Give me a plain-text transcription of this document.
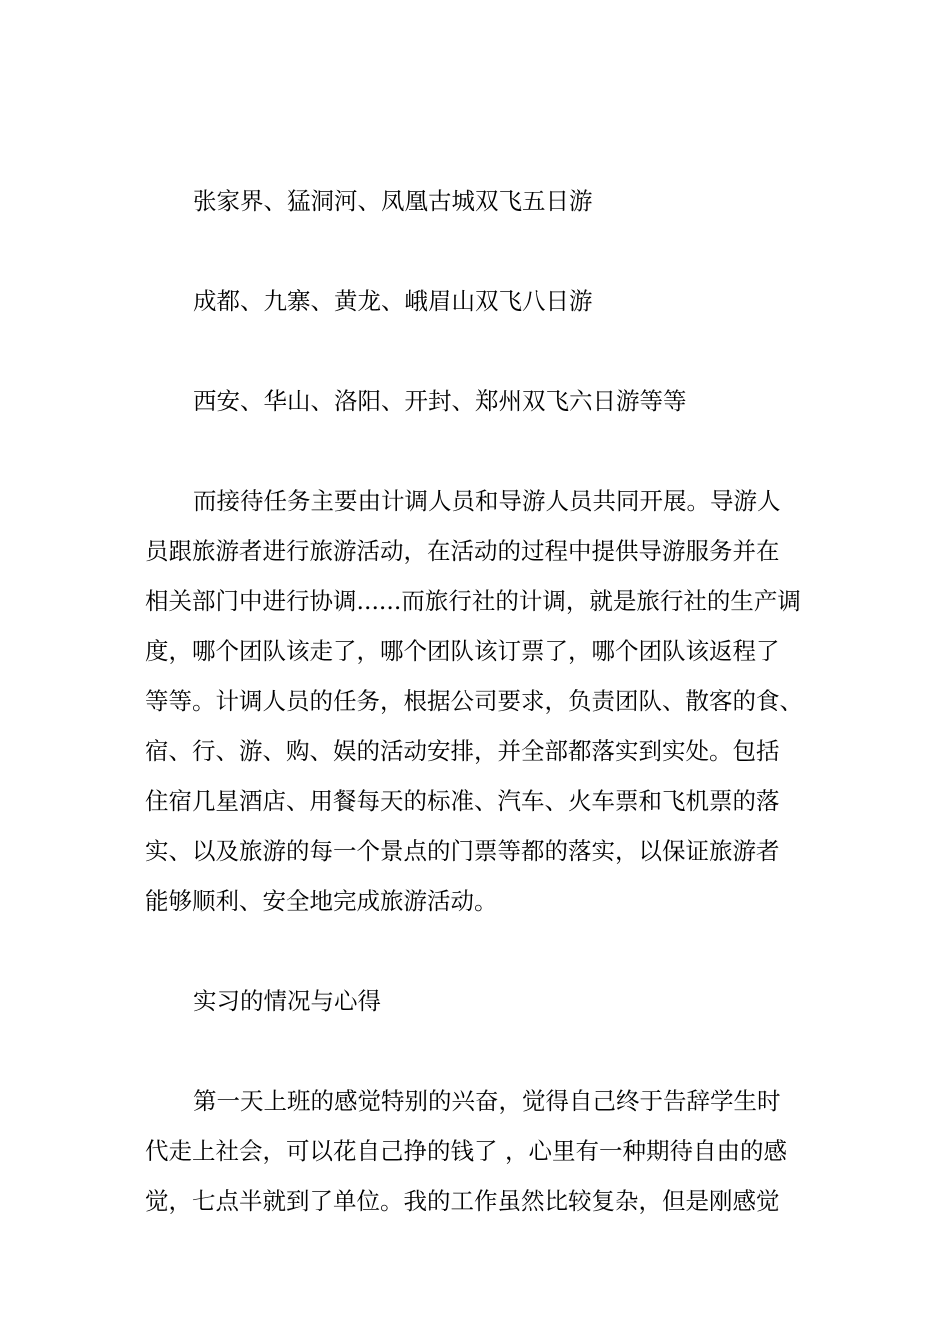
张家界、猛洞河、凤凰古城双飞五日游
成都、九寨、黄龙、峨眉山双飞八日游
西安、华山、洛阳、开封、郑州双飞六日游等等
而接待任务主要由计调人员和导游人员共同开展。导游人
员跟旅游者进行旅游活动，在活动的过程中提供导游服务并在
相关部门中进行协调......而旅行社的计调，就是旅行社的生产调
度，哪个团队该走了，哪个团队该订票了，哪个团队该返程了
等等。计调人员的任务，根据公司要求，负责团队、散客的食、
宿、行、游、购、娱的活动安排，并全部都落实到实处。包括
住宿几星酒店、用餐每天的标准、汽车、火车票和飞机票的落
实、以及旅游的每一个景点的门票等都的落实，以保证旅游者
能够顺利、安全地完成旅游活动。
实习的情况与心得
第一天上班的感觉特别的兴奋，觉得自己终于告辞学生时
代走上社会，可以花自己挣的钱了 ，心里有一种期待自由的感
觉，七点半就到了单位。我的工作虽然比较复杂，但是刚感觉
